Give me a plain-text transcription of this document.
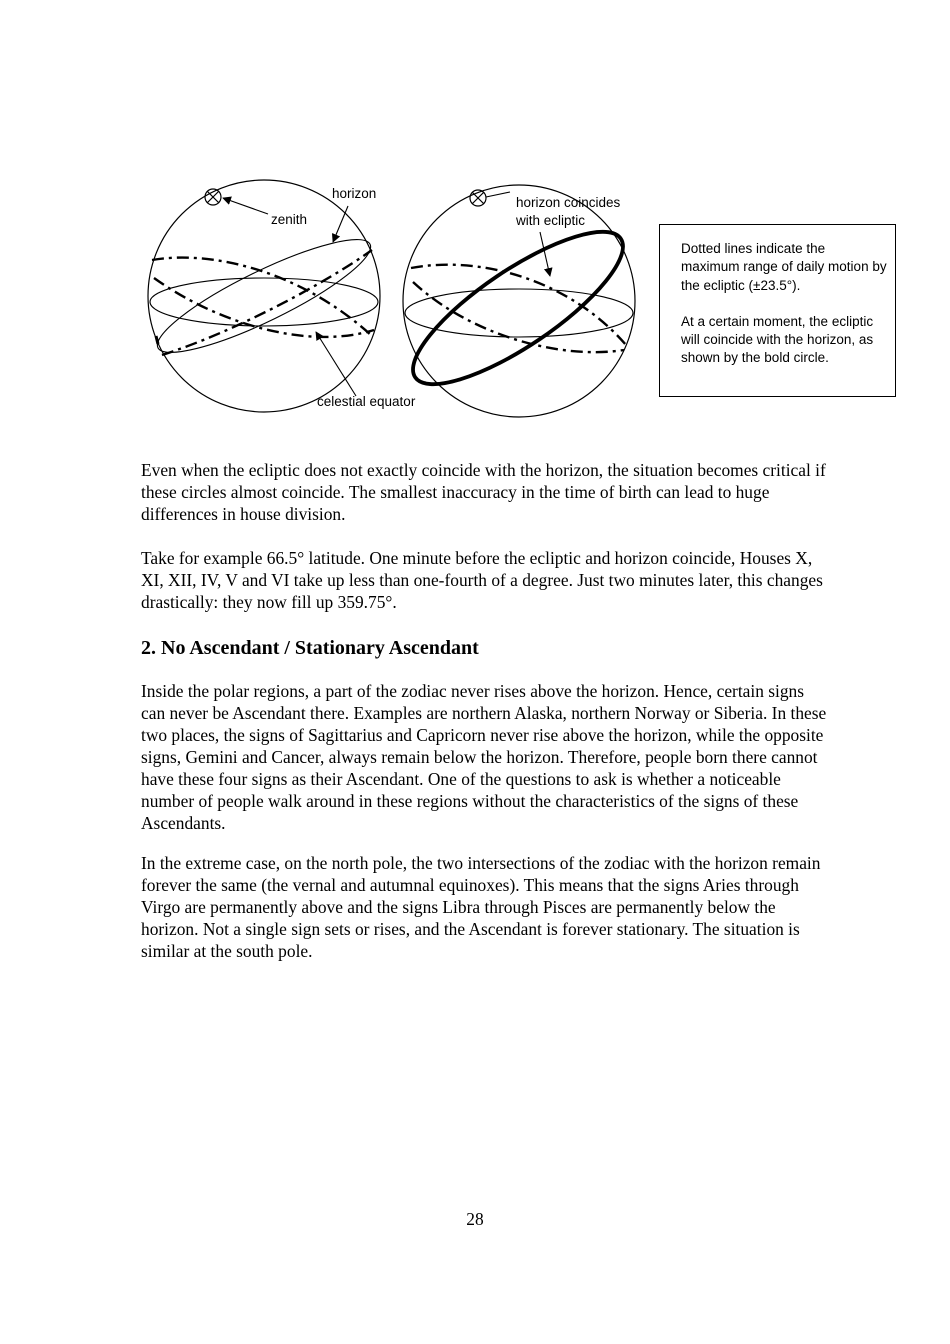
horizon
zenith
celestial equator
horizon coincides
with ecliptic

Dotted lines indicate the maximum range of daily motion by the ecliptic (±23.5°).

At a certain moment, the ecliptic will coincide with the horizon, as shown by the bold circle.

Even when the ecliptic does not exactly coincide with the horizon, the situation becomes critical if these circles almost coincide. The smallest inaccuracy in the time of birth can lead to huge differences in house division.

Take for example 66.5° latitude. One minute before the ecliptic and horizon coincide, Houses X, XI, XII, IV, V and VI take up less than one-fourth of a degree. Just two minutes later, this changes drastically: they now fill up 359.75°.

2. No Ascendant / Stationary Ascendant

Inside the polar regions, a part of the zodiac never rises above the horizon. Hence, certain signs can never be Ascendant there. Examples are northern Alaska, northern Norway or Siberia. In these two places, the signs of Sagittarius and Capricorn never rise above the horizon, while the opposite signs, Gemini and Cancer, always remain below the horizon. Therefore, people born there cannot have these four signs as their Ascendant. One of the questions to ask is whether a noticeable number of people walk around in these regions without the characteristics of the signs of these Ascendants.

In the extreme case, on the north pole, the two intersections of the zodiac with the horizon remain forever the same (the vernal and autumnal equinoxes). This means that the signs Aries through Virgo are permanently above and the signs Libra through Pisces are permanently below the horizon. Not a single sign sets or rises, and the Ascendant is forever stationary. The situation is similar at the south pole.

28
